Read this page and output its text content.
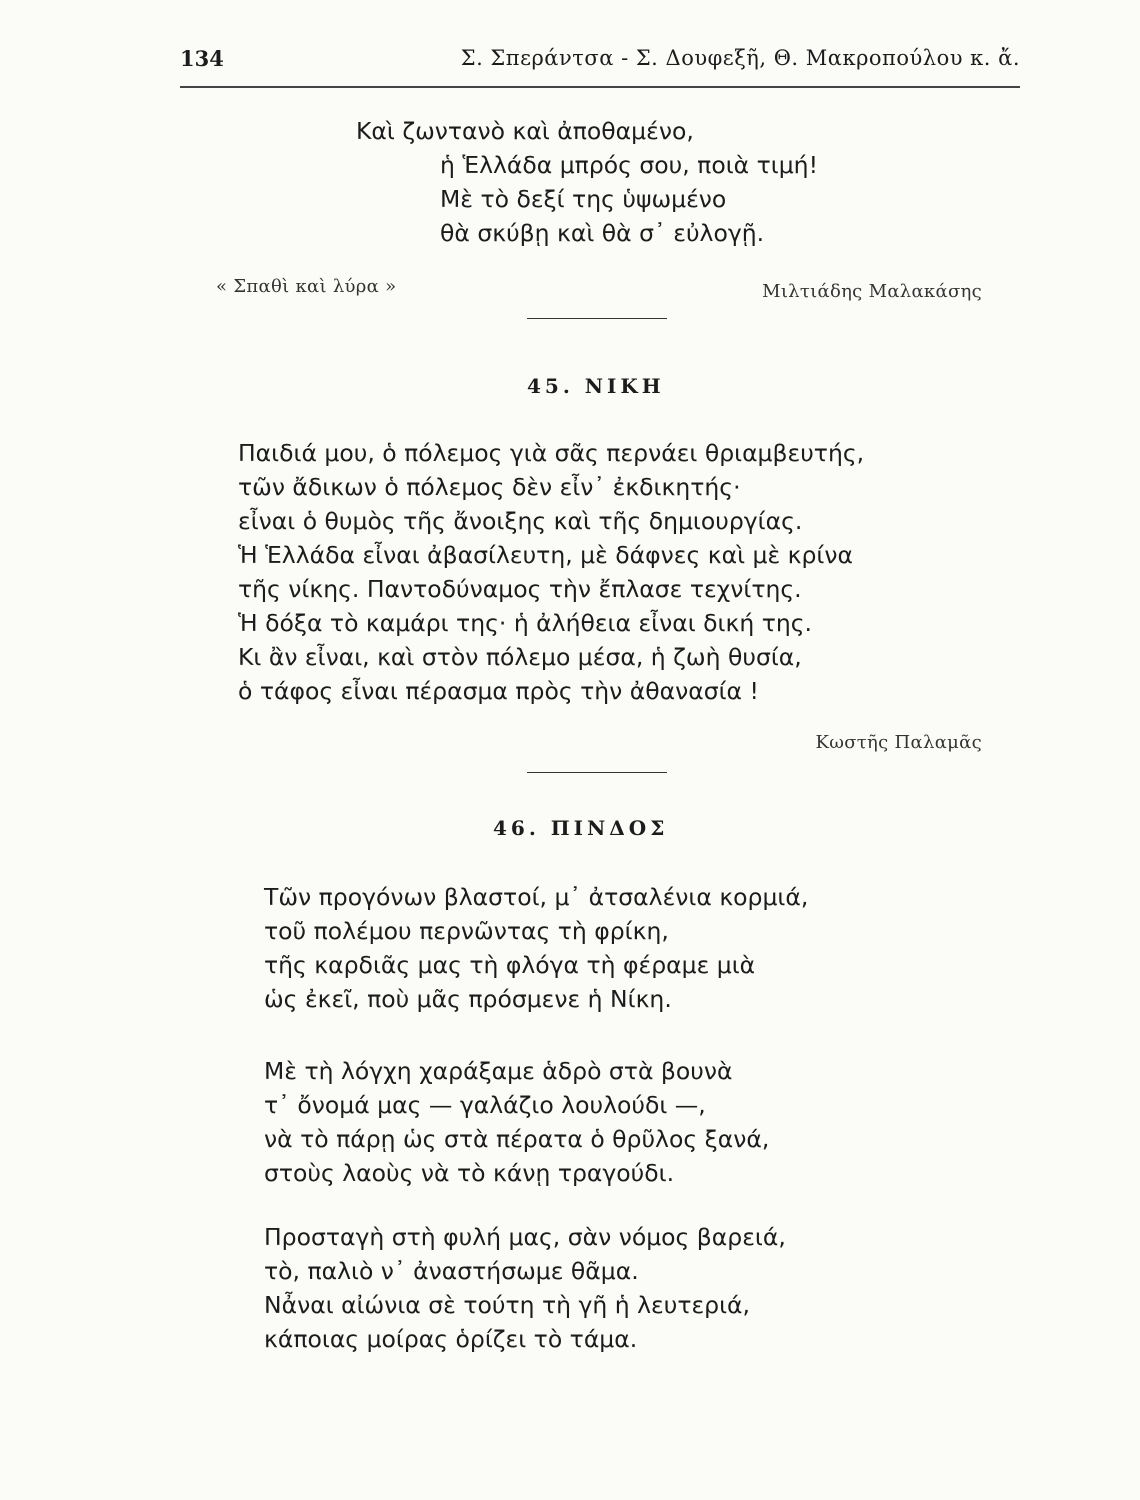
134	Σ. Σπεράντσα - Σ. Δουφεξῆ, Θ. Μακροπούλου κ. ἄ.
Καὶ ζωντανὸ καὶ ἀποθαμένο,
ἡ Ἑλλάδα μπρός σου, ποιὰ τιμή!
Μὲ τὸ δεξί της ὑψωμένο
θὰ σκύβῃ καὶ θὰ σ᾽ εὐλογῇ.
« Σπαθὶ καὶ λύρα »	Μιλτιάδης Μαλακάσης
45. ΝΙΚΗ
Παιδιά μου, ὁ πόλεμος γιὰ σᾶς περνάει θριαμβευτής,
τῶν ἄδικων ὁ πόλεμος δὲν εἶν᾽ ἐκδικητής·
εἶναι ὁ θυμὸς τῆς ἄνοιξης καὶ τῆς δημιουργίας.
Ἡ Ἑλλάδα εἶναι ἀβασίλευτη, μὲ δάφνες καὶ μὲ κρίνα
τῆς νίκης. Παντοδύναμος τὴν ἔπλασε τεχνίτης.
Ἡ δόξα τὸ καμάρι της· ἡ ἀλήθεια εἶναι δική της.
Κι ἂν εἶναι, καὶ στὸν πόλεμο μέσα, ἡ ζωὴ θυσία,
ὁ τάφος εἶναι πέρασμα πρὸς τὴν ἀθανασία !
Κωστῆς Παλαμᾶς
46. ΠΙΝΔΟΣ
Τῶν προγόνων βλαστοί, μ᾽ ἀτσαλένια κορμιά,
τοῦ πολέμου περνῶντας τὴ φρίκη,
τῆς καρδιᾶς μας τὴ φλόγα τὴ φέραμε μιὰ
ὡς ἐκεῖ, ποὺ μᾶς πρόσμενε ἡ Νίκη.
Μὲ τὴ λόγχη χαράξαμε ἁδρὸ στὰ βουνὰ
τ᾽ ὄνομά μας — γαλάζιο λουλούδι —,
νὰ τὸ πάρῃ ὡς στὰ πέρατα ὁ θρῦλος ξανά,
στοὺς λαοὺς νὰ τὸ κάνῃ τραγούδι.
Προσταγὴ στὴ φυλή μας, σὰν νόμος βαρειά,
τὸ, παλιὸ ν᾽ ἀναστήσωμε θᾶμα.
Νἆναι αἰώνια σὲ τούτη τὴ γῆ ἡ λευτεριά,
κάποιας μοίρας ὁρίζει τὸ τάμα.
